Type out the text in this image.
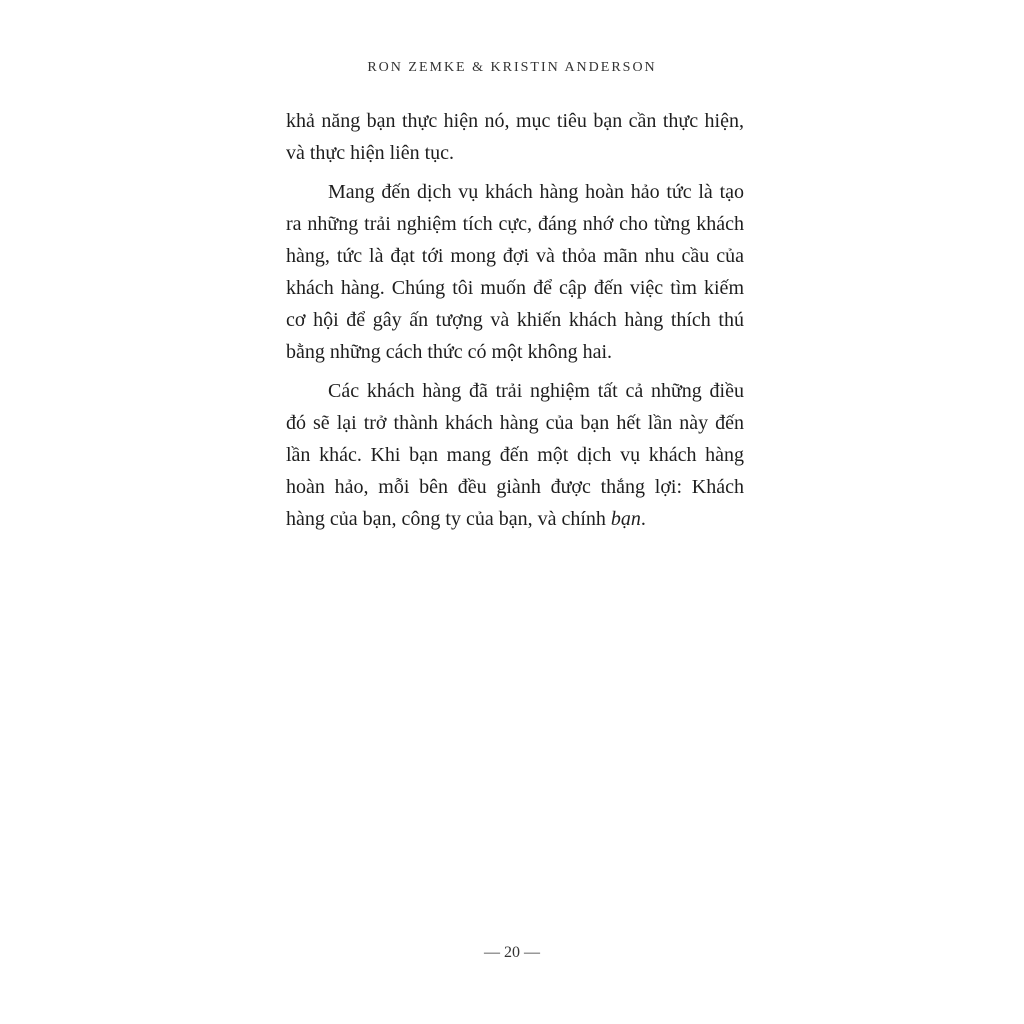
RON ZEMKE & KRISTIN ANDERSON

khả năng bạn thực hiện nó, mục tiêu bạn cần thực hiện, và thực hiện liên tục.

Mang đến dịch vụ khách hàng hoàn hảo tức là tạo ra những trải nghiệm tích cực, đáng nhớ cho từng khách hàng, tức là đạt tới mong đợi và thỏa mãn nhu cầu của khách hàng. Chúng tôi muốn để cập đến việc tìm kiếm cơ hội để gây ấn tượng và khiến khách hàng thích thú bằng những cách thức có một không hai.

Các khách hàng đã trải nghiệm tất cả những điều đó sẽ lại trở thành khách hàng của bạn hết lần này đến lần khác. Khi bạn mang đến một dịch vụ khách hàng hoàn hảo, mỗi bên đều giành được thắng lợi: Khách hàng của bạn, công ty của bạn, và chính bạn.

— 20 —
